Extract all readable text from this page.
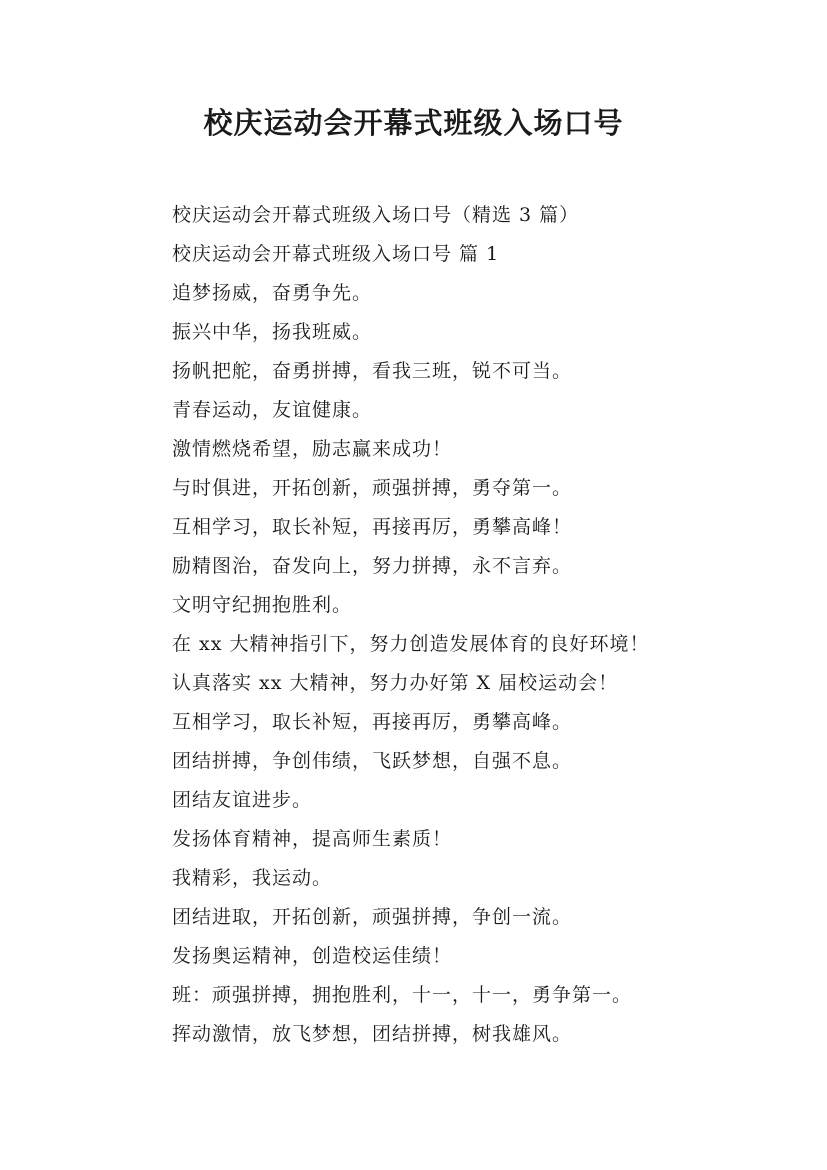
校庆运动会开幕式班级入场口号
校庆运动会开幕式班级入场口号（精选 3 篇）
校庆运动会开幕式班级入场口号 篇 1
追梦扬威，奋勇争先。
振兴中华，扬我班威。
扬帆把舵，奋勇拼搏，看我三班，锐不可当。
青春运动，友谊健康。
激情燃烧希望，励志赢来成功！
与时俱进，开拓创新，顽强拼搏，勇夺第一。
互相学习，取长补短，再接再厉，勇攀高峰！
励精图治，奋发向上，努力拼搏，永不言弃。
文明守纪拥抱胜利。
在 xx 大精神指引下，努力创造发展体育的良好环境！
认真落实 xx 大精神，努力办好第 X 届校运动会！
互相学习，取长补短，再接再厉，勇攀高峰。
团结拼搏，争创伟绩，飞跃梦想，自强不息。
团结友谊进步。
发扬体育精神，提高师生素质！
我精彩，我运动。
团结进取，开拓创新，顽强拼搏，争创一流。
发扬奥运精神，创造校运佳绩！
班：顽强拼搏，拥抱胜利，十一，十一，勇争第一。
挥动激情，放飞梦想，团结拼搏，树我雄风。
